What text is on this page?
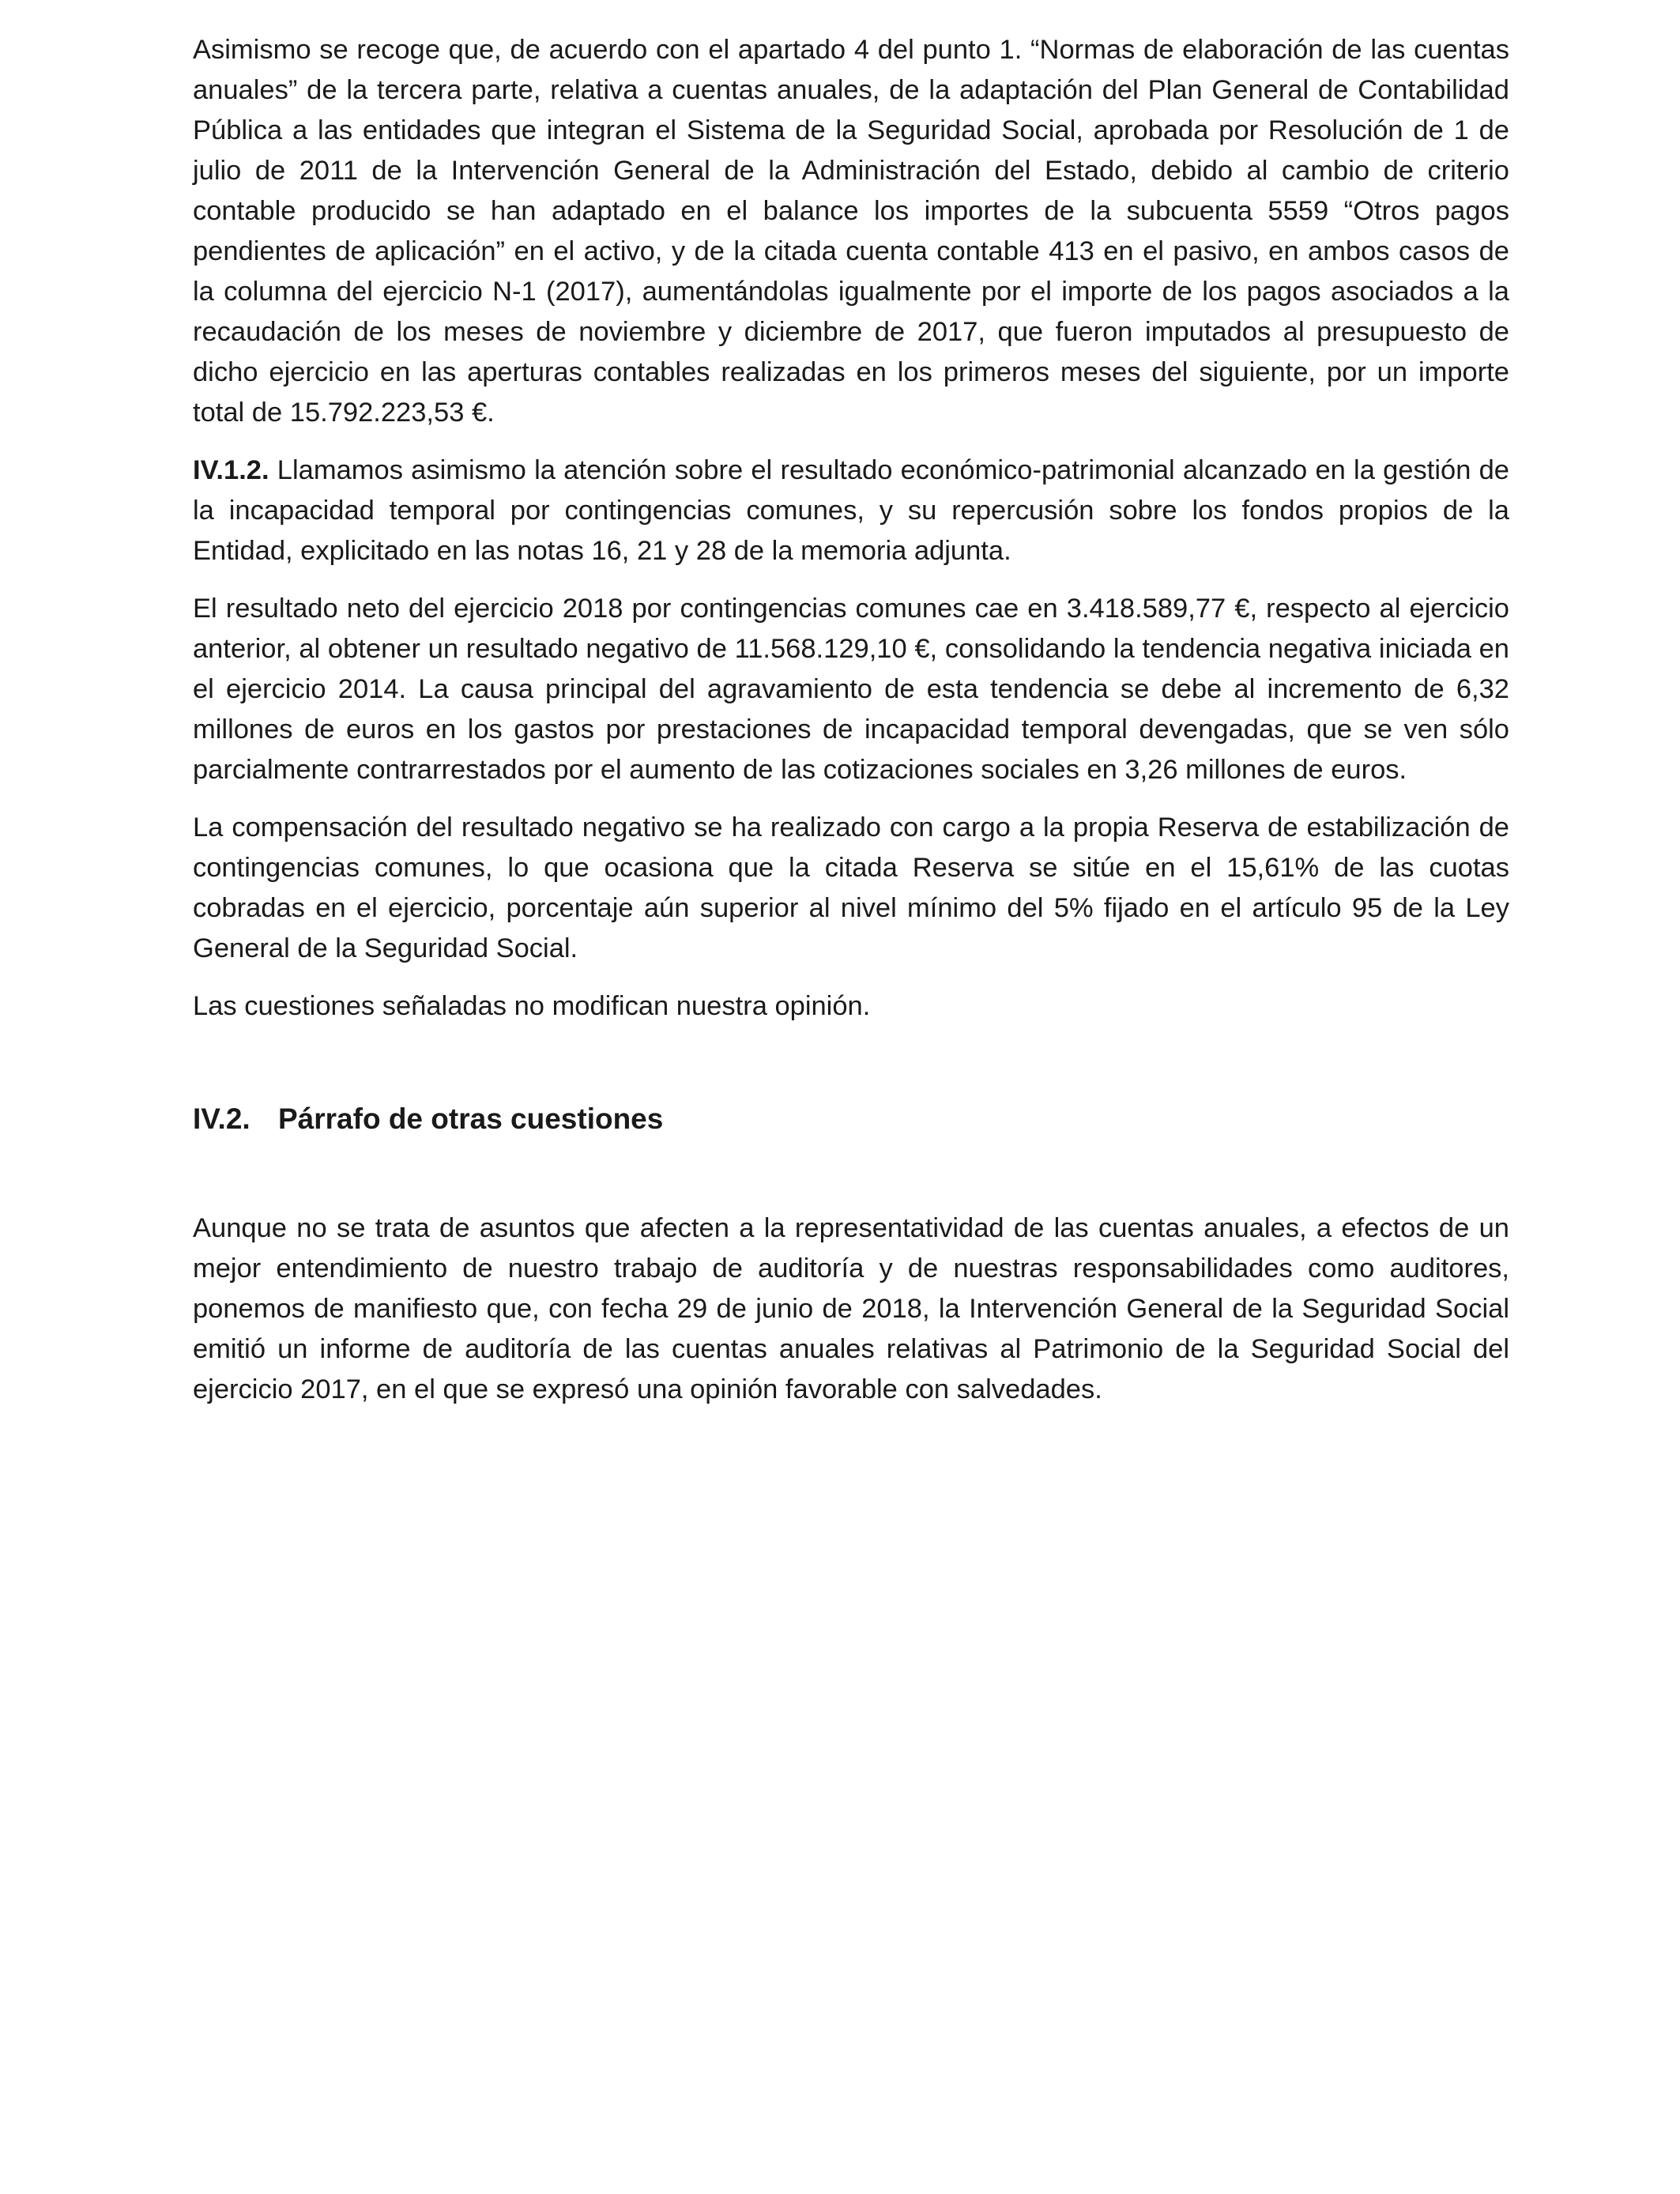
Asimismo se recoge que, de acuerdo con el apartado 4 del punto 1. “Normas de elaboración de las cuentas anuales” de la tercera parte, relativa a cuentas anuales, de la adaptación del Plan General de Contabilidad Pública a las entidades que integran el Sistema de la Seguridad Social, aprobada por Resolución de 1 de julio de 2011 de la Intervención General de la Administración del Estado, debido al cambio de criterio contable producido se han adaptado en el balance los importes de la subcuenta 5559 “Otros pagos pendientes de aplicación” en el activo, y de la citada cuenta contable 413 en el pasivo, en ambos casos de la columna del ejercicio N-1 (2017), aumentándolas igualmente por el importe de los pagos asociados a la recaudación de los meses de noviembre y diciembre de 2017, que fueron imputados al presupuesto de dicho ejercicio en las aperturas contables realizadas en los primeros meses del siguiente, por un importe total de 15.792.223,53 €.

IV.1.2. Llamamos asimismo la atención sobre el resultado económico-patrimonial alcanzado en la gestión de la incapacidad temporal por contingencias comunes, y su repercusión sobre los fondos propios de la Entidad, explicitado en las notas 16, 21 y 28 de la memoria adjunta.

El resultado neto del ejercicio 2018 por contingencias comunes cae en 3.418.589,77 €, respecto al ejercicio anterior, al obtener un resultado negativo de 11.568.129,10 €, consolidando la tendencia negativa iniciada en el ejercicio 2014. La causa principal del agravamiento de esta tendencia se debe al incremento de 6,32 millones de euros en los gastos por prestaciones de incapacidad temporal devengadas, que se ven sólo parcialmente contrarrestados por el aumento de las cotizaciones sociales en 3,26 millones de euros.

La compensación del resultado negativo se ha realizado con cargo a la propia Reserva de estabilización de contingencias comunes, lo que ocasiona que la citada Reserva se sitúe en el 15,61% de las cuotas cobradas en el ejercicio, porcentaje aún superior al nivel mínimo del 5% fijado en el artículo 95 de la Ley General de la Seguridad Social.

Las cuestiones señaladas no modifican nuestra opinión.

IV.2. Párrafo de otras cuestiones

Aunque no se trata de asuntos que afecten a la representatividad de las cuentas anuales, a efectos de un mejor entendimiento de nuestro trabajo de auditoría y de nuestras responsabilidades como auditores, ponemos de manifiesto que, con fecha 29 de junio de 2018, la Intervención General de la Seguridad Social emitió un informe de auditoría de las cuentas anuales relativas al Patrimonio de la Seguridad Social del ejercicio 2017, en el que se expresó una opinión favorable con salvedades.
